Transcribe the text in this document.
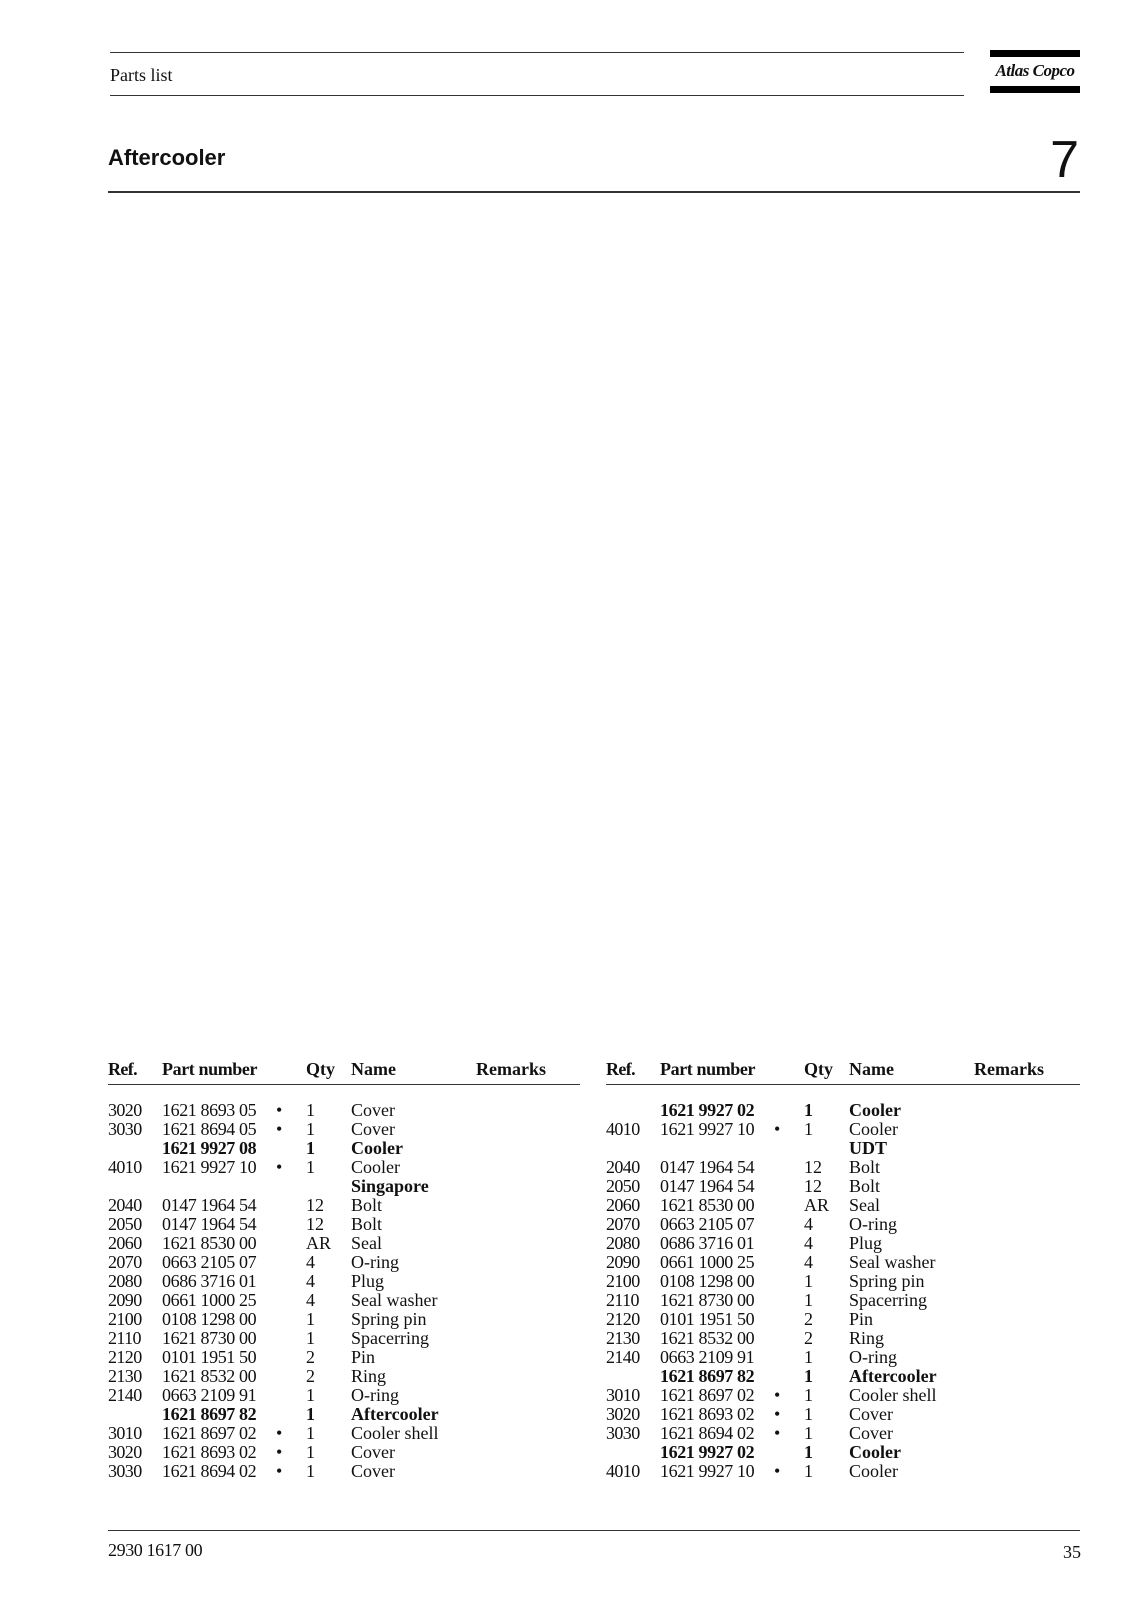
Parts list	Atlas Copco
Aftercooler	7
Ref. Part number	Qty Name	Remarks
3020 1621 8693 05 • 1 Cover
3030 1621 8694 05 • 1 Cover
1621 9927 08	1 Cooler
4010 1621 9927 10 • 1 Cooler
Singapore
2040 0147 1964 54	12 Bolt
2050 0147 1964 54	12 Bolt
2060 1621 8530 00	AR Seal
2070 0663 2105 07	4 O-ring
2080 0686 3716 01	4 Plug
2090 0661 1000 25	4 Seal washer
2100 0108 1298 00	1 Spring pin
2110 1621 8730 00	1 Spacerring
2120 0101 1951 50	2 Pin
2130 1621 8532 00	2 Ring
2140 0663 2109 91	1 O-ring
1621 8697 82	1 Aftercooler
3010 1621 8697 02 • 1 Cooler shell
3020 1621 8693 02 • 1 Cover
3030 1621 8694 02 • 1 Cover
Ref. Part number	Qty Name	Remarks
1621 9927 02	1 Cooler
4010 1621 9927 10 • 1 Cooler
UDT
2040 0147 1964 54	12 Bolt
2050 0147 1964 54	12 Bolt
2060 1621 8530 00	AR Seal
2070 0663 2105 07	4 O-ring
2080 0686 3716 01	4 Plug
2090 0661 1000 25	4 Seal washer
2100 0108 1298 00	1 Spring pin
2110 1621 8730 00	1 Spacerring
2120 0101 1951 50	2 Pin
2130 1621 8532 00	2 Ring
2140 0663 2109 91	1 O-ring
1621 8697 82	1 Aftercooler
3010 1621 8697 02 • 1 Cooler shell
3020 1621 8693 02 • 1 Cover
3030 1621 8694 02 • 1 Cover
1621 9927 02	1 Cooler
4010 1621 9927 10 • 1 Cooler
2930 1617 00	35
